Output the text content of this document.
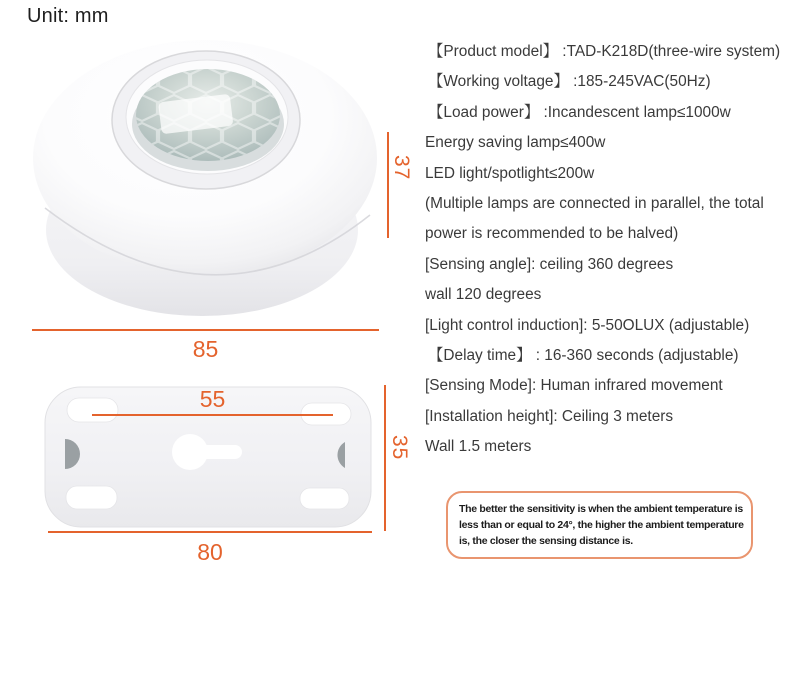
Unit: mm
37
85
55
35
80
【Product model】 :TAD-K218D(three-wire system)
【Working voltage】 :185-245VAC(50Hz)
【Load power】 :Incandescent lamp≤1000w
Energy saving lamp≤400w
LED light/spotlight≤200w
(Multiple lamps are connected in parallel, the total
power is recommended to be halved)
[Sensing angle]: ceiling 360 degrees
wall 120 degrees
[Light control induction]: 5-50OLUX (adjustable)
【Delay time】 : 16-360 seconds (adjustable)
[Sensing Mode]: Human infrared movement
[Installation height]: Ceiling 3 meters
Wall 1.5 meters
The better the sensitivity is when the ambient temperature is
less than or equal to 24°, the higher the ambient temperature
is, the closer the sensing distance is.
